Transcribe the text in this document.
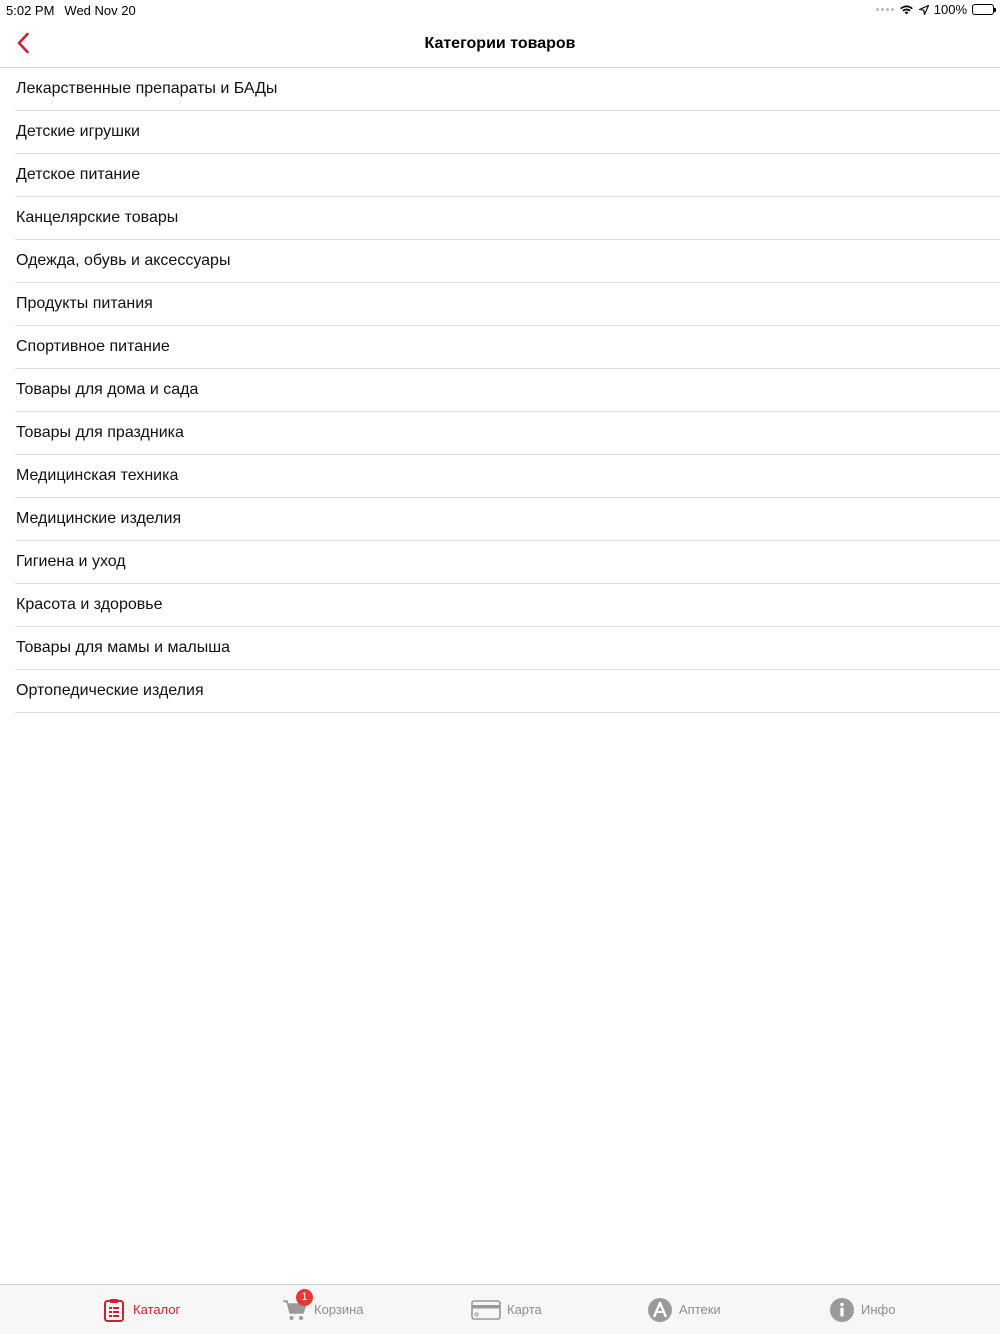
5:02 PM Wed Nov 20	100%
Категории товаров
Лекарственные препараты и БАДы
Детские игрушки
Детское питание
Канцелярские товары
Одежда, обувь и аксессуары
Продукты питания
Спортивное питание
Товары для дома и сада
Товары для праздника
Медицинская техника
Медицинские изделия
Гигиена и уход
Красота и здоровье
Товары для мамы и малыша
Ортопедические изделия
Каталог
1
Корзина	Карта	Аптеки	Инфо
